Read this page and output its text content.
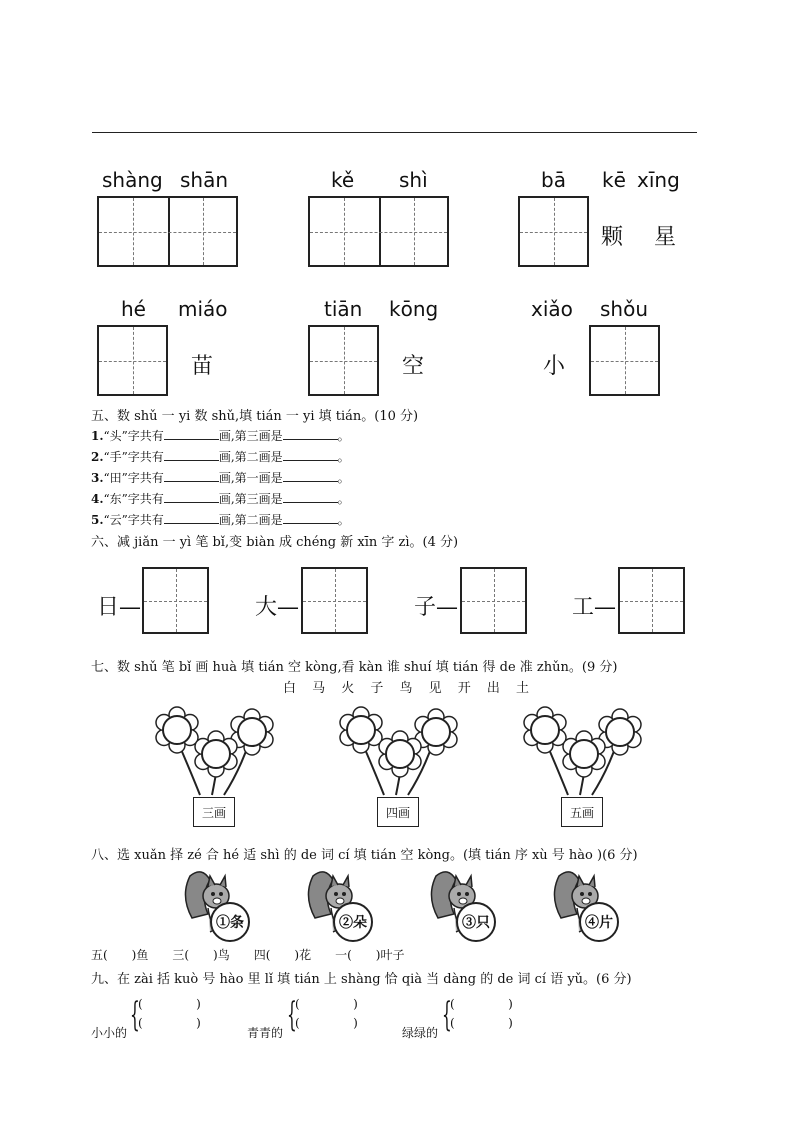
shàng shān	kě shì	bā kē xīng
颗 星
hé miáo	tiān kōng	xiǎo shǒu
苗	空	小
五、数 shǔ 一 yi 数 shǔ,填 tián 一 yi 填 tián。(10 分)
1.“头”字共有	画,第三画是	。
2.“手”字共有	画,第二画是	。
3.“田”字共有	画,第一画是	。
4.“东”字共有	画,第三画是	。
5.“云”字共有	画,第二画是	。
六、减 jiǎn 一 yì 笔 bǐ,变 biàn 成 chéng 新 xīn 字 zì。(4 分)
日—	大—	子—	工—
七、数 shǔ 笔 bǐ 画 huà 填 tián 空 kòng,看 kàn 谁 shuí 填 tián 得 de 准 zhǔn。(9 分)
白 马 火 子 鸟 见 开 出 土
三画	四画	五画
八、选 xuǎn 择 zé 合 hé 适 shì 的 de 词 cí 填 tián 空 kòng。(填 tián 序 xù 号 hào )(6 分)
①条	②朵	③只	④片
五(　　)鱼　　三(　　)鸟　　四(　　)花　　一(　　)叶子
九、在 zài 括 kuò 号 hào 里 lǐ 填 tián 上 shàng 恰 qià 当 dàng 的 de 词 cí 语 yǔ。(6 分)
小小的 {
(              )
(              )
青青的 {
(              )
(              )
绿绿的 {
(              )
(              )
